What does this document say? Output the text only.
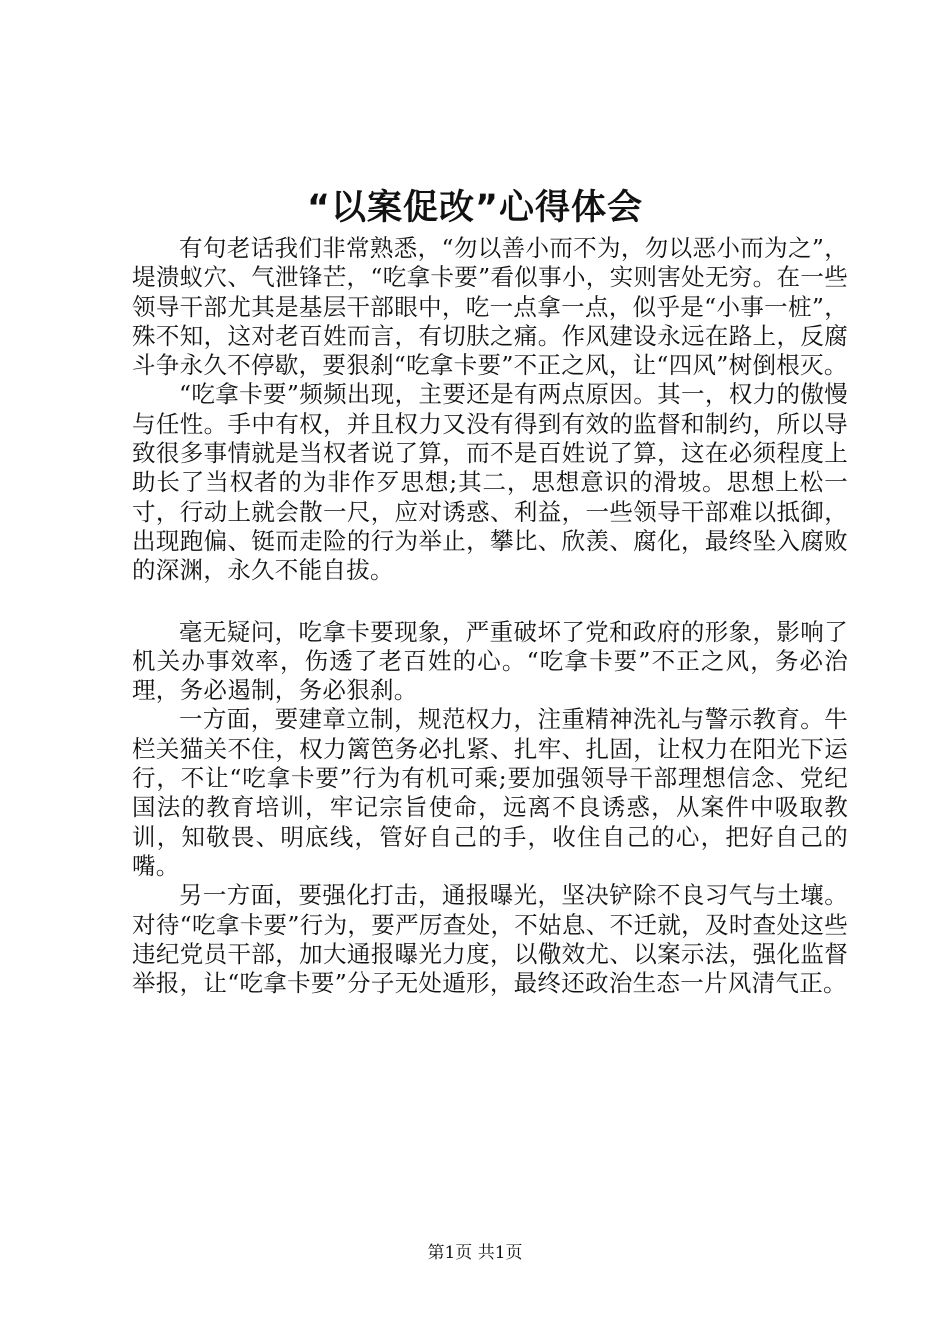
“以案促改”心得体会

有句老话我们非常熟悉，“勿以善小而不为，勿以恶小而为之”，堤溃蚁穴、气泄锋芒，“吃拿卡要”看似事小，实则害处无穷。在一些领导干部尤其是基层干部眼中，吃一点拿一点，似乎是“小事一桩”，殊不知，这对老百姓而言，有切肤之痛。作风建设永远在路上，反腐斗争永久不停歇，要狠刹“吃拿卡要”不正之风，让“四风”树倒根灭。

“吃拿卡要”频频出现，主要还是有两点原因。其一，权力的傲慢与任性。手中有权，并且权力又没有得到有效的监督和制约，所以导致很多事情就是当权者说了算，而不是百姓说了算，这在必须程度上助长了当权者的为非作歹思想;其二，思想意识的滑坡。思想上松一寸，行动上就会散一尺，应对诱惑、利益，一些领导干部难以抵御，出现跑偏、铤而走险的行为举止，攀比、欣羡、腐化，最终坠入腐败的深渊，永久不能自拔。

毫无疑问，吃拿卡要现象，严重破坏了党和政府的形象，影响了机关办事效率，伤透了老百姓的心。“吃拿卡要”不正之风，务必治理，务必遏制，务必狠刹。

一方面，要建章立制，规范权力，注重精神洗礼与警示教育。牛栏关猫关不住，权力篱笆务必扎紧、扎牢、扎固，让权力在阳光下运行，不让“吃拿卡要”行为有机可乘;要加强领导干部理想信念、党纪国法的教育培训，牢记宗旨使命，远离不良诱惑，从案件中吸取教训，知敬畏、明底线，管好自己的手，收住自己的心，把好自己的嘴。

另一方面，要强化打击，通报曝光，坚决铲除不良习气与土壤。对待“吃拿卡要”行为，要严厉查处，不姑息、不迁就，及时查处这些违纪党员干部，加大通报曝光力度，以儆效尤、以案示法，强化监督举报，让“吃拿卡要”分子无处遁形，最终还政治生态一片风清气正。

第1页 共1页
